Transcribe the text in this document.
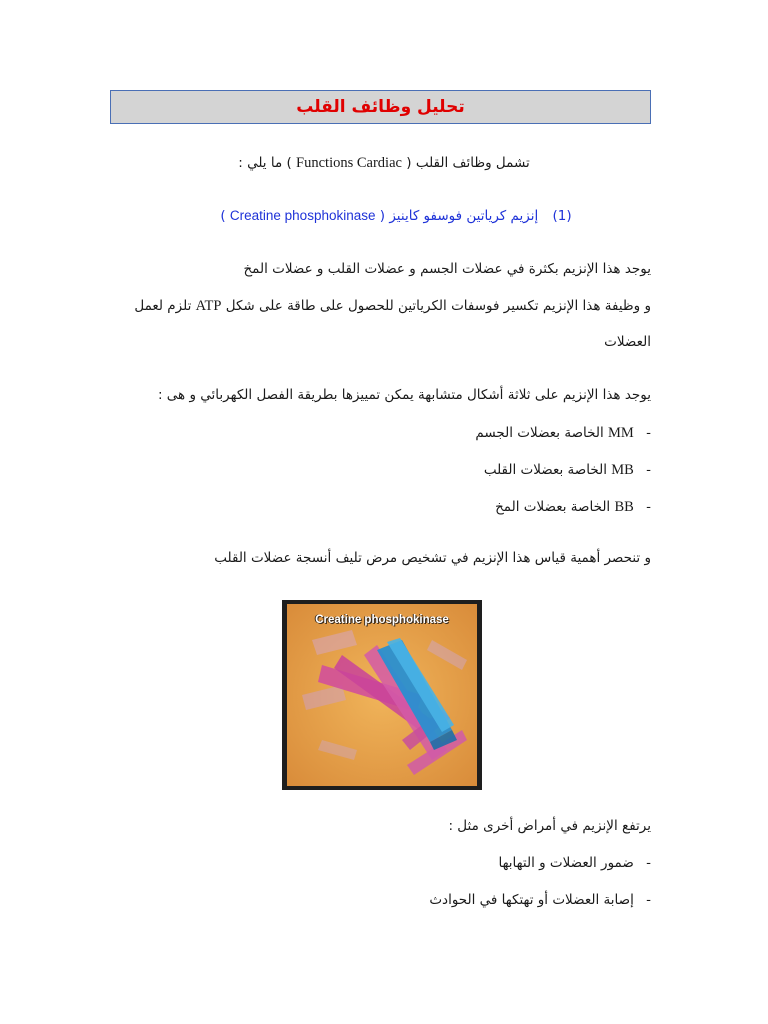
تحليل وظائف القلب
تشمل وظائف القلب ( Functions Cardiac ) ما يلي :
(1) إنزيم كرياتين فوسفو كاينيز ( Creatine phosphokinase )
يوجد هذا الإنزيم بكثرة في عضلات الجسم و عضلات القلب و عضلات المخ
و وظيفة هذا الإنزيم تكسير فوسفات الكرياتين للحصول على طاقة على شكل ATP تلزم لعمل
العضلات
يوجد هذا الإنزيم على ثلاثة أشكال متشابهة يمكن تمييزها بطريقة الفصل الكهربائي و هى :
- MM الخاصة بعضلات الجسم
- MB الخاصة بعضلات القلب
- BB الخاصة بعضلات المخ
و تنحصر أهمية قياس هذا الإنزيم في تشخيص مرض تليف أنسجة عضلات القلب
Creatine phosphokinase
يرتفع الإنزيم في أمراض أخرى مثل :
- ضمور العضلات و التهابها
- إصابة العضلات أو تهتكها في الحوادث
